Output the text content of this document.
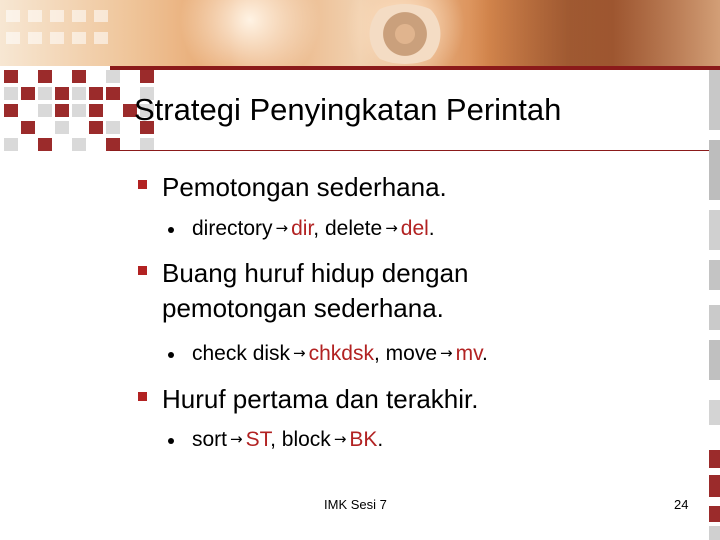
Strategi Penyingkatan Perintah
Pemotongan sederhana.
directory → dir, delete → del.
Buang huruf hidup dengan
pemotongan sederhana.
check disk → chkdsk, move → mv.
Huruf pertama dan terakhir.
sort → ST, block → BK.
IMK Sesi 7	24
